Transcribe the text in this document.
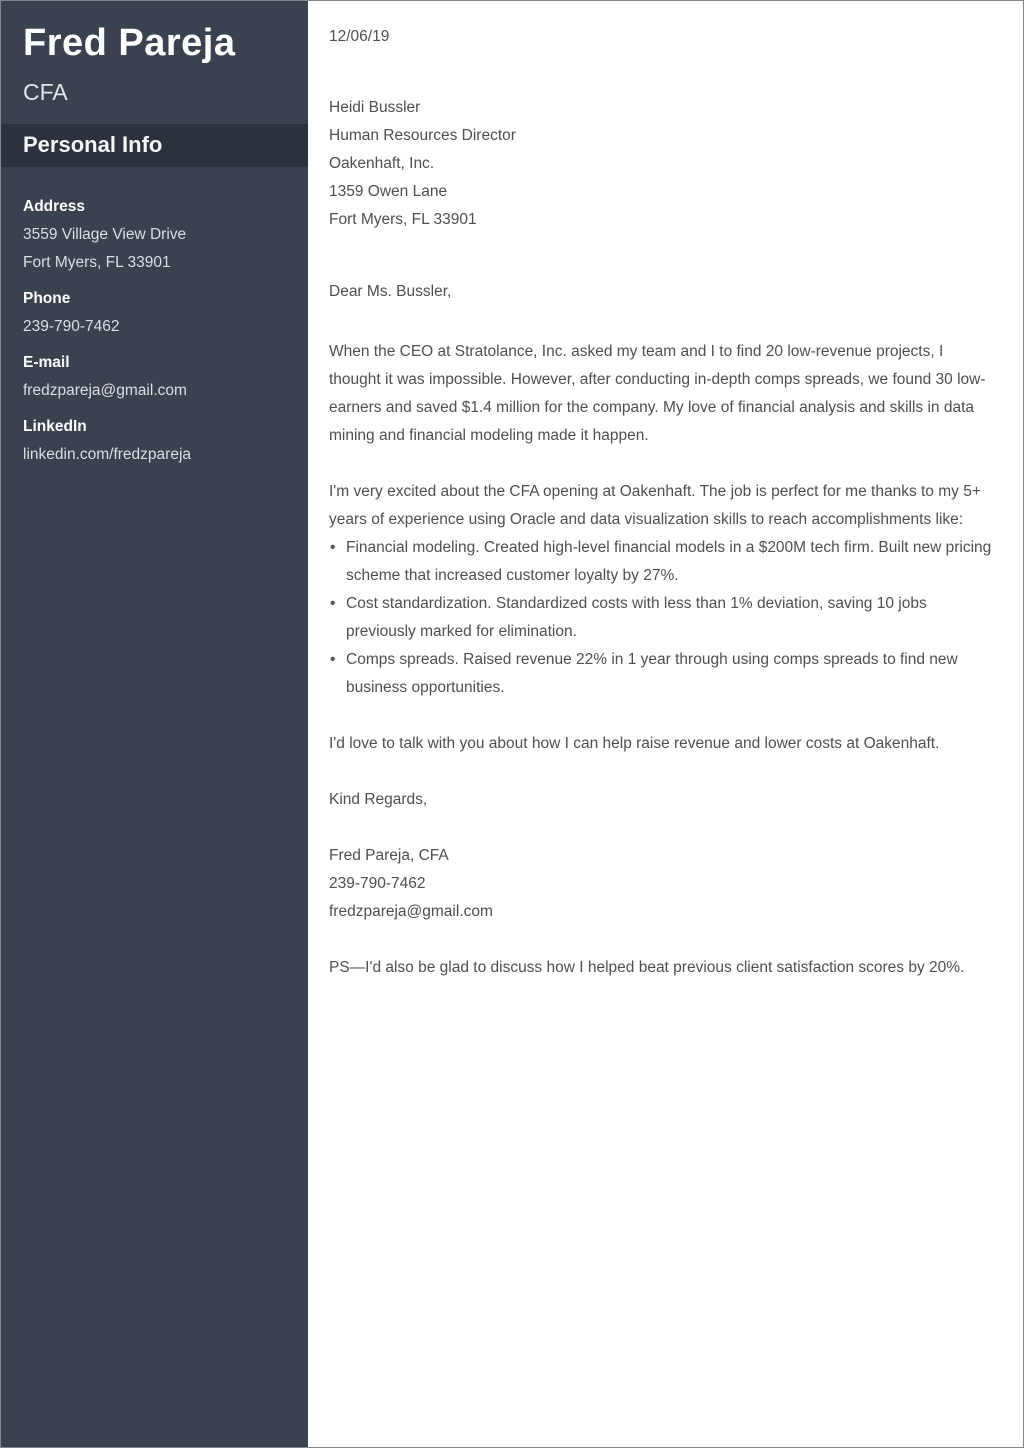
Fred Pareja
CFA
Personal Info
Address
3559 Village View Drive
Fort Myers, FL 33901
Phone
239-790-7462
E-mail
fredzpareja@gmail.com
LinkedIn
linkedin.com/fredzpareja
12/06/19
Heidi Bussler
Human Resources Director
Oakenhaft, Inc.
1359 Owen Lane
Fort Myers, FL 33901
Dear Ms. Bussler,

When the CEO at Stratolance, Inc. asked my team and I to find 20 low-revenue projects, I thought it was impossible. However, after conducting in-depth comps spreads, we found 30 low-earners and saved $1.4 million for the company. My love of financial analysis and skills in data mining and financial modeling made it happen.

I'm very excited about the CFA opening at Oakenhaft. The job is perfect for me thanks to my 5+ years of experience using Oracle and data visualization skills to reach accomplishments like:

• Financial modeling. Created high-level financial models in a $200M tech firm. Built new pricing scheme that increased customer loyalty by 27%.
• Cost standardization. Standardized costs with less than 1% deviation, saving 10 jobs previously marked for elimination.
• Comps spreads. Raised revenue 22% in 1 year through using comps spreads to find new business opportunities.

I'd love to talk with you about how I can help raise revenue and lower costs at Oakenhaft.

Kind Regards,

Fred Pareja, CFA
239-790-7462
fredzpareja@gmail.com

PS—I'd also be glad to discuss how I helped beat previous client satisfaction scores by 20%.
